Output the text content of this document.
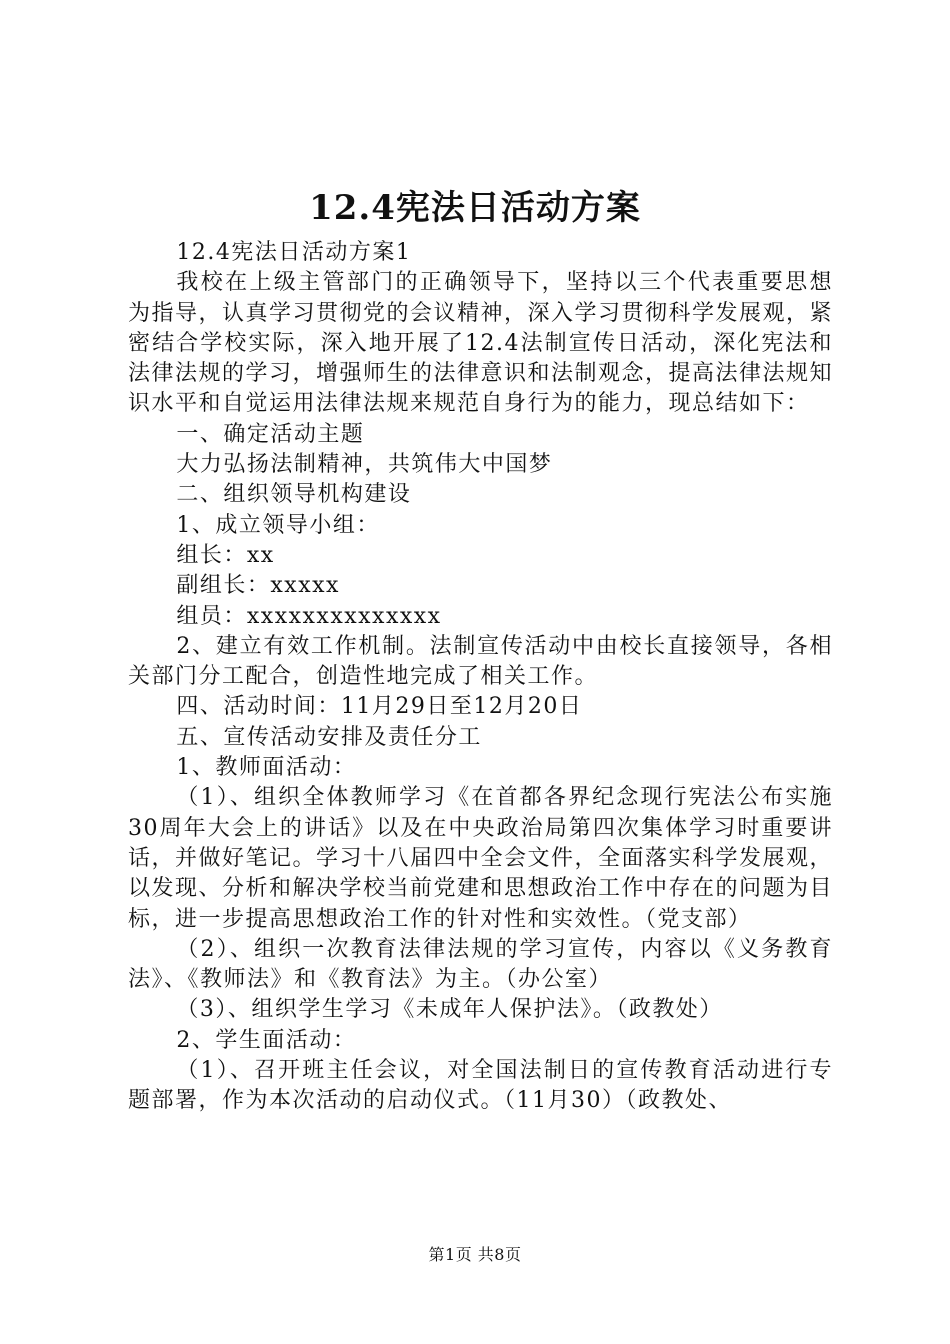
12.4宪法日活动方案

12.4宪法日活动方案1

我校在上级主管部门的正确领导下，坚持以三个代表重要思想为指导，认真学习贯彻党的会议精神，深入学习贯彻科学发展观，紧密结合学校实际，深入地开展了12.4法制宣传日活动，深化宪法和法律法规的学习，增强师生的法律意识和法制观念，提高法律法规知识水平和自觉运用法律法规来规范自身行为的能力，现总结如下：

一、确定活动主题

大力弘扬法制精神，共筑伟大中国梦

二、组织领导机构建设

1、成立领导小组：

组长：xx

副组长：xxxxx

组员：xxxxxxxxxxxxxx

2、建立有效工作机制。法制宣传活动中由校长直接领导，各相关部门分工配合，创造性地完成了相关工作。

四、活动时间：11月29日至12月20日

五、宣传活动安排及责任分工

1、教师面活动：

（1）、组织全体教师学习《在首都各界纪念现行宪法公布实施30周年大会上的讲话》以及在中央政治局第四次集体学习时重要讲话，并做好笔记。学习十八届四中全会文件，全面落实科学发展观，以发现、分析和解决学校当前党建和思想政治工作中存在的问题为目标，进一步提高思想政治工作的针对性和实效性。（党支部）

（2）、组织一次教育法律法规的学习宣传，内容以《义务教育法》、《教师法》和《教育法》为主。（办公室）

（3）、组织学生学习《未成年人保护法》。（政教处）

2、学生面活动：

（1）、召开班主任会议，对全国法制日的宣传教育活动进行专题部署，作为本次活动的启动仪式。（11月30）（政教处、

第1页 共8页
